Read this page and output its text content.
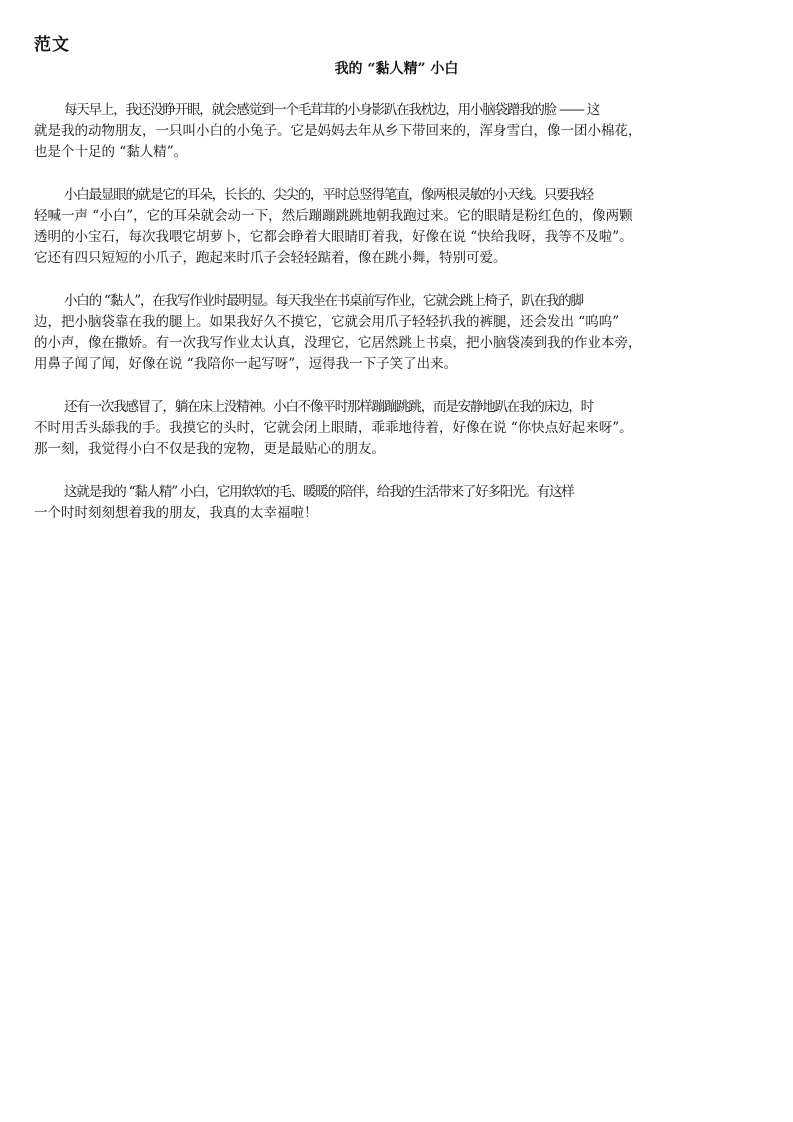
范文
我的 “黏人精” 小白

每天早上，我还没睁开眼，就会感觉到一个毛茸茸的小身影趴在我枕边，用小脑袋蹭我的脸 —— 这
就是我的动物朋友，一只叫小白的小兔子。它是妈妈去年从乡下带回来的，浑身雪白，像一团小棉花，
也是个十足的 “黏人精”。

小白最显眼的就是它的耳朵，长长的、尖尖的，平时总竖得笔直，像两根灵敏的小天线。只要我轻
轻喊一声 “小白”，它的耳朵就会动一下，然后蹦蹦跳跳地朝我跑过来。它的眼睛是粉红色的，像两颗
透明的小宝石，每次我喂它胡萝卜，它都会睁着大眼睛盯着我，好像在说 “快给我呀，我等不及啦”。
它还有四只短短的小爪子，跑起来时爪子会轻轻踮着，像在跳小舞，特别可爱。

小白的 “黏人”，在我写作业时最明显。每天我坐在书桌前写作业，它就会跳上椅子，趴在我的脚
边，把小脑袋靠在我的腿上。如果我好久不摸它，它就会用爪子轻轻扒我的裤腿，还会发出 “呜呜”
的小声，像在撒娇。有一次我写作业太认真，没理它，它居然跳上书桌，把小脑袋凑到我的作业本旁，
用鼻子闻了闻，好像在说 “我陪你一起写呀”，逗得我一下子笑了出来。

还有一次我感冒了，躺在床上没精神。小白不像平时那样蹦蹦跳跳，而是安静地趴在我的床边，时
不时用舌头舔我的手。我摸它的头时，它就会闭上眼睛，乖乖地待着，好像在说 “你快点好起来呀”。
那一刻，我觉得小白不仅是我的宠物，更是最贴心的朋友。

这就是我的 “黏人精” 小白，它用软软的毛、暖暖的陪伴，给我的生活带来了好多阳光。有这样
一个时时刻刻想着我的朋友，我真的太幸福啦！
